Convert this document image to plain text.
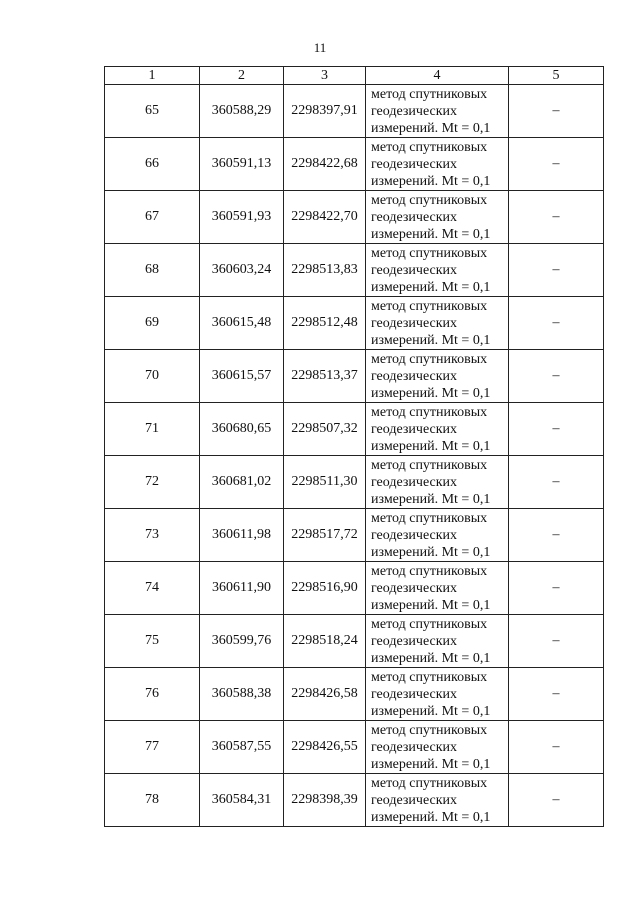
11
1	2	3	4	5
65	360588,29	2298397,91	метод спутниковых
геодезических
измерений. Mt = 0,1	–
66	360591,13	2298422,68	метод спутниковых
геодезических
измерений. Mt = 0,1	–
67	360591,93	2298422,70	метод спутниковых
геодезических
измерений. Mt = 0,1	–
68	360603,24	2298513,83	метод спутниковых
геодезических
измерений. Mt = 0,1	–
69	360615,48	2298512,48	метод спутниковых
геодезических
измерений. Mt = 0,1	–
70	360615,57	2298513,37	метод спутниковых
геодезических
измерений. Mt = 0,1	–
71	360680,65	2298507,32	метод спутниковых
геодезических
измерений. Mt = 0,1	–
72	360681,02	2298511,30	метод спутниковых
геодезических
измерений. Mt = 0,1	–
73	360611,98	2298517,72	метод спутниковых
геодезических
измерений. Mt = 0,1	–
74	360611,90	2298516,90	метод спутниковых
геодезических
измерений. Mt = 0,1	–
75	360599,76	2298518,24	метод спутниковых
геодезических
измерений. Mt = 0,1	–
76	360588,38	2298426,58	метод спутниковых
геодезических
измерений. Mt = 0,1	–
77	360587,55	2298426,55	метод спутниковых
геодезических
измерений. Mt = 0,1	–
78	360584,31	2298398,39	метод спутниковых
геодезических
измерений. Mt = 0,1	–
